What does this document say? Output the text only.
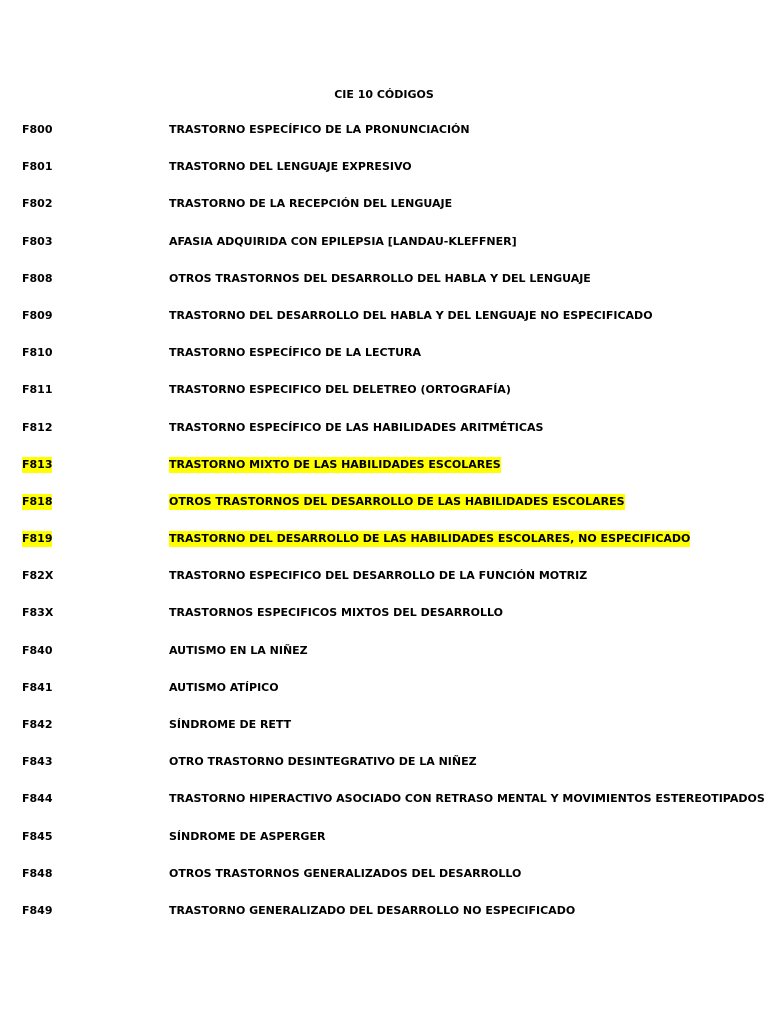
CIE 10 CÓDIGOS
F800	TRASTORNO ESPECÍFICO DE LA PRONUNCIACIÓN
F801	TRASTORNO DEL LENGUAJE EXPRESIVO
F802	TRASTORNO DE LA RECEPCIÓN DEL LENGUAJE
F803	AFASIA ADQUIRIDA CON EPILEPSIA [LANDAU-KLEFFNER]
F808	OTROS TRASTORNOS DEL DESARROLLO DEL HABLA Y DEL LENGUAJE
F809	TRASTORNO DEL DESARROLLO DEL HABLA Y DEL LENGUAJE NO ESPECIFICADO
F810	TRASTORNO ESPECÍFICO DE LA LECTURA
F811	TRASTORNO ESPECIFICO DEL DELETREO (ORTOGRAFÍA)
F812	TRASTORNO ESPECÍFICO DE LAS HABILIDADES ARITMÉTICAS
F813	TRASTORNO MIXTO DE LAS HABILIDADES ESCOLARES
F818	OTROS TRASTORNOS DEL DESARROLLO DE LAS HABILIDADES ESCOLARES
F819	TRASTORNO DEL DESARROLLO DE LAS HABILIDADES ESCOLARES, NO ESPECIFICADO
F82X	TRASTORNO ESPECIFICO DEL DESARROLLO DE LA FUNCIÓN MOTRIZ
F83X	TRASTORNOS ESPECIFICOS MIXTOS DEL DESARROLLO
F840	AUTISMO EN LA NIÑEZ
F841	AUTISMO ATÍPICO
F842	SÍNDROME DE RETT
F843	OTRO TRASTORNO DESINTEGRATIVO DE LA NIÑEZ
F844	TRASTORNO HIPERACTIVO ASOCIADO CON RETRASO MENTAL Y MOVIMIENTOS ESTEREOTIPADOS
F845	SÍNDROME DE ASPERGER
F848	OTROS TRASTORNOS GENERALIZADOS DEL DESARROLLO
F849	TRASTORNO GENERALIZADO DEL DESARROLLO NO ESPECIFICADO
